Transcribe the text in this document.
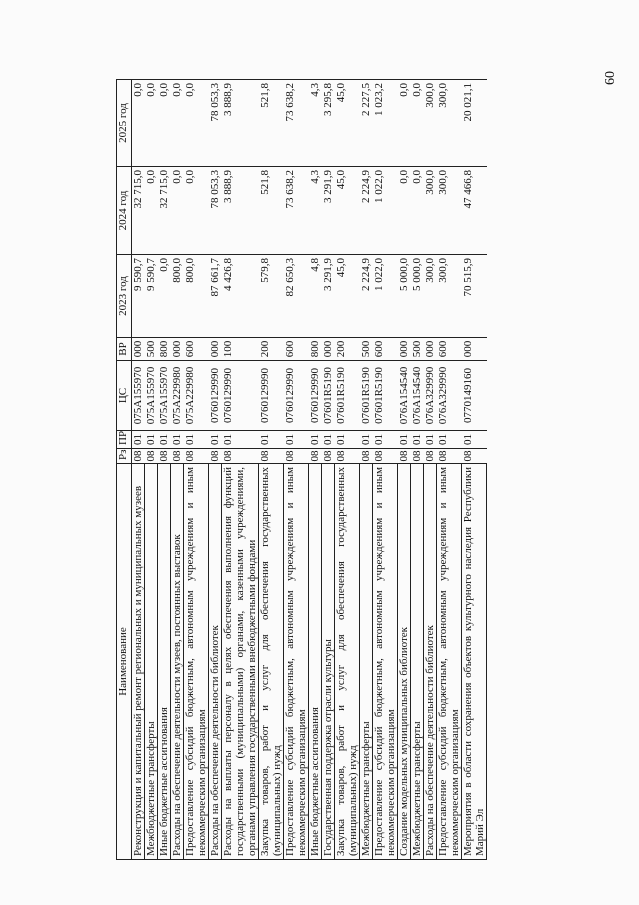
60
Наименование	Рз	ПР	ЦС	ВР	2023 год	2024 год	2025 год
Реконструкция и капитальный ремонт региональных и муниципальных музеев	08	01	075А155970	000	9 590,7	32 715,0	0,0
Межбюджетные трансферты	08	01	075А155970	500	9 590,7	0,0	0,0
Иные бюджетные ассигнования	08	01	075А155970	800	0,0	32 715,0	0,0
Расходы на обеспечение деятельности музеев, постоянных выставок	08	01	075А229980	000	800,0	0,0	0,0
Предоставление субсидий бюджетным, автономным учреждениям и иным некоммерческим организациям	08	01	075А229980	600	800,0	0,0	0,0
Расходы на обеспечение деятельности библиотек	08	01	0760129990	000	87 661,7	78 053,3	78 053,3
Расходы на выплаты персоналу в целях обеспечения выполнения функций государственными (муниципальными) органами, казенными учреждениями, органами управления государственными внебюджетными фондами	08	01	0760129990	100	4 426,8	3 888,9	3 888,9
Закупка товаров, работ и услуг для обеспечения государственных (муниципальных) нужд	08	01	0760129990	200	579,8	521,8	521,8
Предоставление субсидий бюджетным, автономным учреждениям и иным некоммерческим организациям	08	01	0760129990	600	82 650,3	73 638,2	73 638,2
Иные бюджетные ассигнования	08	01	0760129990	800	4,8	4,3	4,3
Государственная поддержка отрасли культуры	08	01	07601R5190	000	3 291,9	3 291,9	3 295,8
Закупка товаров, работ и услуг для обеспечения государственных (муниципальных) нужд	08	01	07601R5190	200	45,0	45,0	45,0
Межбюджетные трансферты	08	01	07601R5190	500	2 224,9	2 224,9	2 227,5
Предоставление субсидий бюджетным, автономным учреждениям и иным некоммерческим организациям	08	01	07601R5190	600	1 022,0	1 022,0	1 023,2
Создание модельных муниципальных библиотек	08	01	076А154540	000	5 000,0	0,0	0,0
Межбюджетные трансферты	08	01	076А154540	500	5 000,0	0,0	0,0
Расходы на обеспечение деятельности библиотек	08	01	076А329990	000	300,0	300,0	300,0
Предоставление субсидий бюджетным, автономным учреждениям и иным некоммерческим организациям	08	01	076А329990	600	300,0	300,0	300,0
Мероприятия в области сохранения объектов культурного наследия Республики Марий Эл	08	01	0770149160	000	70 515,9	47 466,8	20 021,1
